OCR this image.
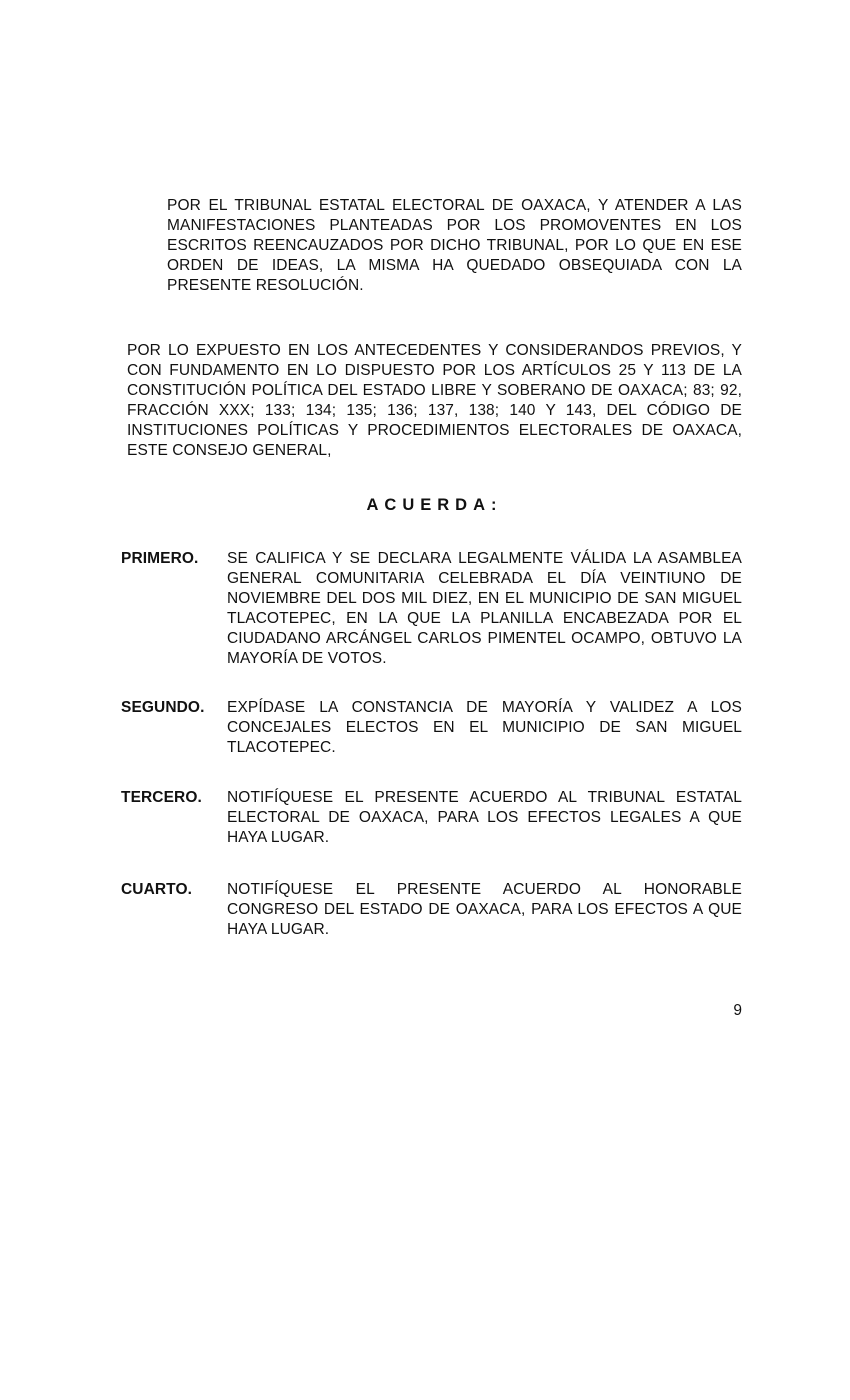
POR EL TRIBUNAL ESTATAL ELECTORAL DE OAXACA, Y ATENDER A LAS MANIFESTACIONES PLANTEADAS POR LOS PROMOVENTES EN LOS ESCRITOS REENCAUZADOS POR DICHO TRIBUNAL, POR LO QUE EN ESE ORDEN DE IDEAS, LA MISMA HA QUEDADO OBSEQUIADA CON LA PRESENTE RESOLUCIÓN.

POR LO EXPUESTO EN LOS ANTECEDENTES Y CONSIDERANDOS PREVIOS, Y CON FUNDAMENTO EN LO DISPUESTO POR LOS ARTÍCULOS 25 Y 113 DE LA CONSTITUCIÓN POLÍTICA DEL ESTADO LIBRE Y SOBERANO DE OAXACA; 83; 92, FRACCIÓN XXX; 133; 134; 135; 136; 137, 138; 140 Y 143, DEL CÓDIGO DE INSTITUCIONES POLÍTICAS Y PROCEDIMIENTOS ELECTORALES DE OAXACA, ESTE CONSEJO GENERAL,

ACUERDA:
PRIMERO.	SE CALIFICA Y SE DECLARA LEGALMENTE VÁLIDA LA ASAMBLEA GENERAL COMUNITARIA CELEBRADA EL DÍA VEINTIUNO DE NOVIEMBRE DEL DOS MIL DIEZ, EN EL MUNICIPIO DE SAN MIGUEL TLACOTEPEC, EN LA QUE LA PLANILLA ENCABEZADA POR EL CIUDADANO ARCÁNGEL CARLOS PIMENTEL OCAMPO, OBTUVO LA MAYORÍA DE VOTOS.
SEGUNDO.	EXPÍDASE LA CONSTANCIA DE MAYORÍA Y VALIDEZ A LOS CONCEJALES ELECTOS EN EL MUNICIPIO DE SAN MIGUEL TLACOTEPEC.
TERCERO.	NOTIFÍQUESE EL PRESENTE ACUERDO AL TRIBUNAL ESTATAL ELECTORAL DE OAXACA, PARA LOS EFECTOS LEGALES A QUE HAYA LUGAR.
CUARTO.	NOTIFÍQUESE EL PRESENTE ACUERDO AL HONORABLE CONGRESO DEL ESTADO DE OAXACA, PARA LOS EFECTOS A QUE HAYA LUGAR.
9
